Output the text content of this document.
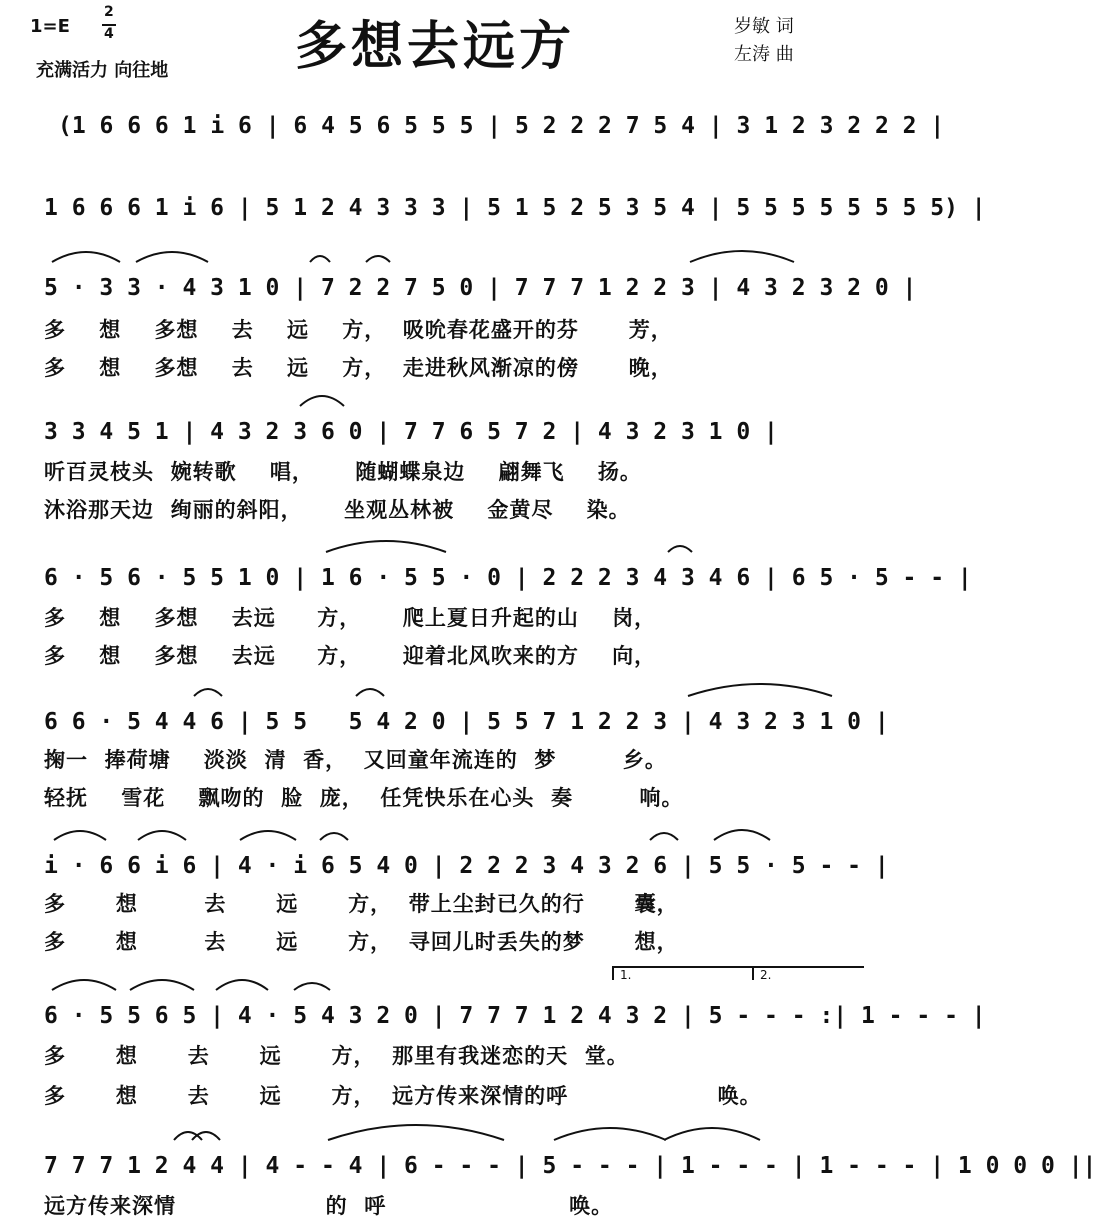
1=E
2
4
充满活力 向往地 多想去远方	岁敏 词
左涛 曲
(1 6 6 6 1 i 6 | 6 4 5 6 5 5 5 | 5 2 2 2 7 5 4 | 3 1 2 3 2 2 2 |
1 6 6 6 1 i 6 | 5 1 2 4 3 3 3 | 5 1 5 2 5 3 5 4 | 5 5 5 5 5 5 5 5) |
5 · 3 3 · 4 3 1 0 | 7 2 2 7 5 0 | 7 7 7 1 2 2 3 | 4 3 2 3 2 0 |
多    想    多想    去    远    方，  吸吮春花盛开的芬      芳，
多    想    多想    去    远    方，  走进秋风渐凉的傍      晚，
3 3 4 5 1 | 4 3 2 3 6 0 | 7 7 6 5 7 2 | 4 3 2 3 1 0 |
听百灵枝头  婉转歌    唱，     随蝴蝶泉边    翩舞飞    扬。
沐浴那天边  绚丽的斜阳，     坐观丛林被    金黄尽    染。
6 · 5 6 · 5 5 1 0 | 1 6 · 5 5 · 0 | 2 2 2 3 4 3 4 6 | 6 5 · 5 - - |
多    想    多想    去远     方，     爬上夏日升起的山    岗，
多    想    多想    去远     方，     迎着北风吹来的方    向，
6 6 · 5 4 4 6 | 5 5   5 4 2 0 | 5 5 7 1 2 2 3 | 4 3 2 3 1 0 |
掬一  捧荷塘    淡淡  清  香，  又回童年流连的  梦        乡。
轻抚    雪花    飘吻的  脸  庞，  任凭快乐在心头  奏        响。
i · 6 6 i 6 | 4 · i 6 5 4 0 | 2 2 2 3 4 3 2 6 | 5 5 · 5 - - |
多      想        去      远      方，  带上尘封已久的行      囊，
多      想        去      远      方，  寻回儿时丢失的梦      想，
1.	2.
6 · 5 5 6 5 | 4 · 5 4 3 2 0 | 7 7 7 1 2 4 3 2 | 5 - - - :| 1 - - - |
多      想      去      远      方，  那里有我迷恋的天  堂。
多      想      去      远      方，  远方传来深情的呼                  唤。
7 7 7 1 2 4 4 | 4 - - 4 | 6 - - - | 5 - - - | 1 - - - | 1 - - - | 1 0 0 0 ||
远方传来深情                  的  呼                      唤。
